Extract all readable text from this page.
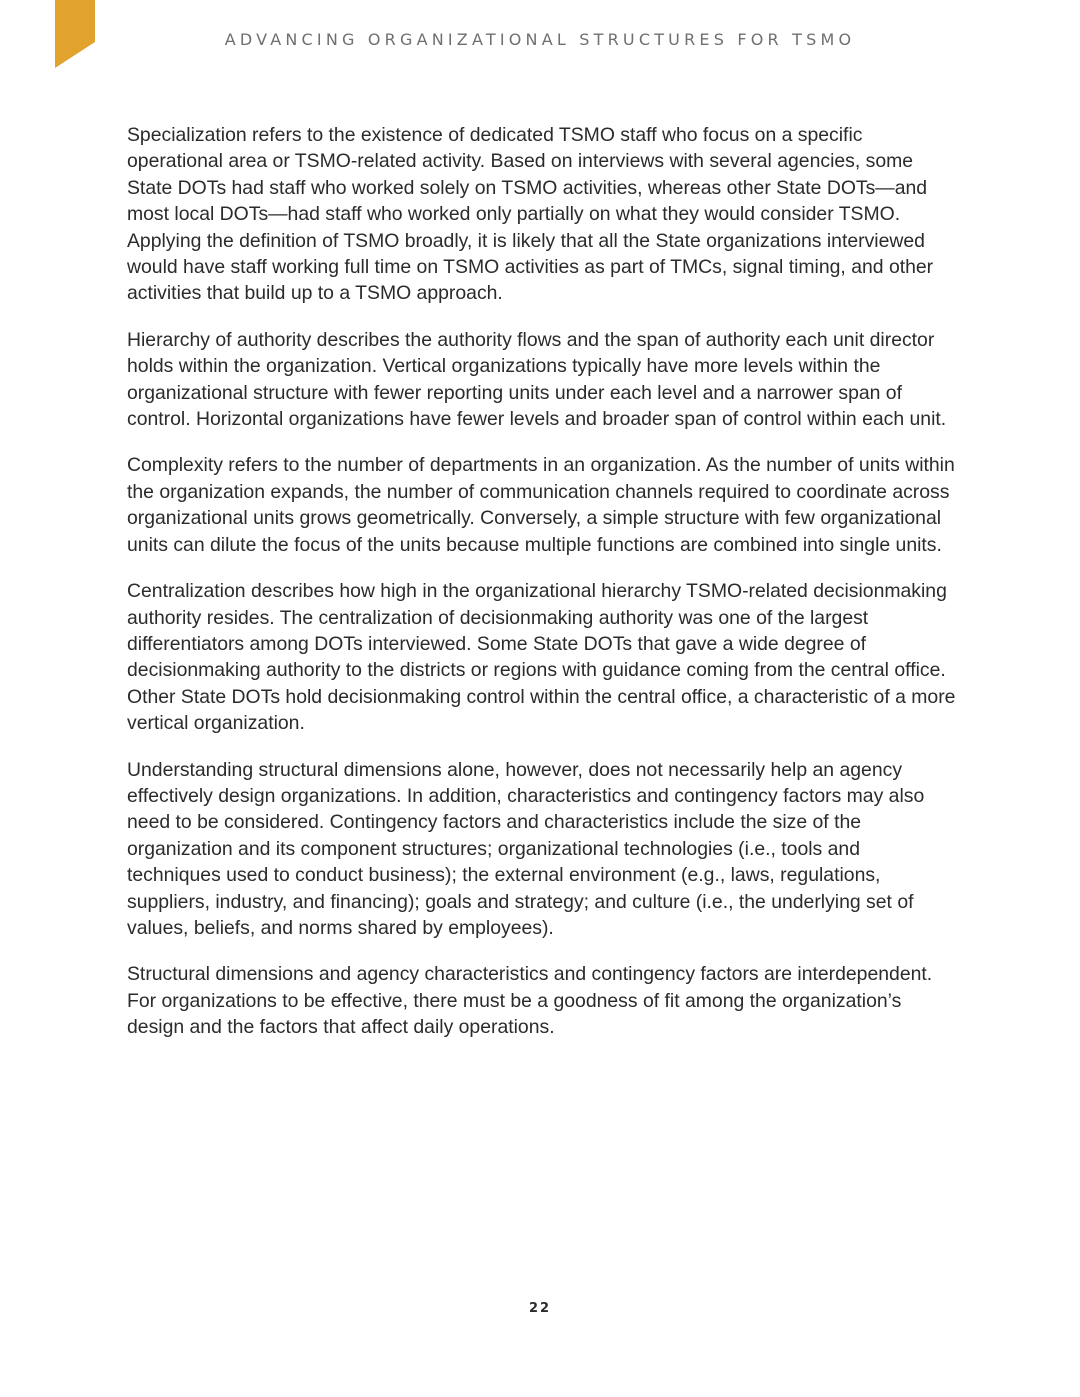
ADVANCING ORGANIZATIONAL STRUCTURES FOR TSMO

Specialization refers to the existence of dedicated TSMO staff who focus on a specific operational area or TSMO-related activity. Based on interviews with several agencies, some State DOTs had staff who worked solely on TSMO activities, whereas other State DOTs—and most local DOTs—had staff who worked only partially on what they would consider TSMO. Applying the definition of TSMO broadly, it is likely that all the State organizations interviewed would have staff working full time on TSMO activities as part of TMCs, signal timing, and other activities that build up to a TSMO approach.

Hierarchy of authority describes the authority flows and the span of authority each unit director holds within the organization. Vertical organizations typically have more levels within the organizational structure with fewer reporting units under each level and a narrower span of control. Horizontal organizations have fewer levels and broader span of control within each unit.

Complexity refers to the number of departments in an organization. As the number of units within the organization expands, the number of communication channels required to coordinate across organizational units grows geometrically. Conversely, a simple structure with few organizational units can dilute the focus of the units because multiple functions are combined into single units.

Centralization describes how high in the organizational hierarchy TSMO-related decisionmaking authority resides. The centralization of decisionmaking authority was one of the largest differentiators among DOTs interviewed. Some State DOTs that gave a wide degree of decisionmaking authority to the districts or regions with guidance coming from the central office. Other State DOTs hold decisionmaking control within the central office, a characteristic of a more vertical organization.

Understanding structural dimensions alone, however, does not necessarily help an agency effectively design organizations. In addition, characteristics and contingency factors may also need to be considered. Contingency factors and characteristics include the size of the organization and its component structures; organizational technologies (i.e., tools and techniques used to conduct business); the external environment (e.g., laws, regulations, suppliers, industry, and financing); goals and strategy; and culture (i.e., the underlying set of values, beliefs, and norms shared by employees).

Structural dimensions and agency characteristics and contingency factors are interdependent. For organizations to be effective, there must be a goodness of fit among the organization’s design and the factors that affect daily operations.

22
